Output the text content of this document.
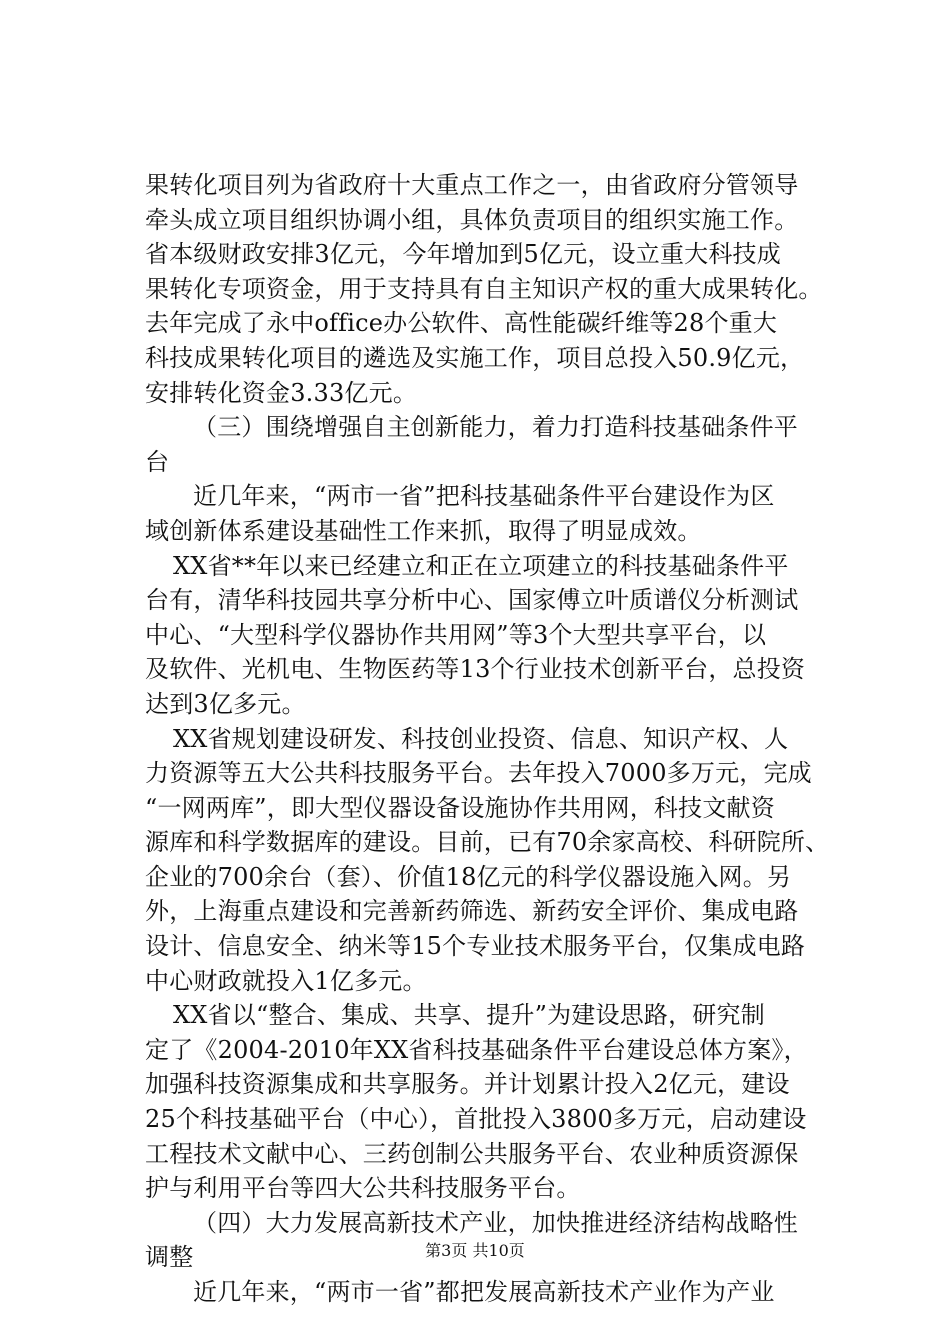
果转化项目列为省政府十大重点工作之一，由省政府分管领导
牵头成立项目组织协调小组，具体负责项目的组织实施工作。
省本级财政安排3亿元，今年增加到5亿元，设立重大科技成
果转化专项资金，用于支持具有自主知识产权的重大成果转化。
去年完成了永中office办公软件、高性能碳纤维等28个重大
科技成果转化项目的遴选及实施工作，项目总投入50.9亿元，
安排转化资金3.33亿元。
（三）围绕增强自主创新能力，着力打造科技基础条件平
台
近几年来，“两市一省”把科技基础条件平台建设作为区
域创新体系建设基础性工作来抓，取得了明显成效。
XX省**年以来已经建立和正在立项建立的科技基础条件平
台有，清华科技园共享分析中心、国家傅立叶质谱仪分析测试
中心、“大型科学仪器协作共用网”等3个大型共享平台，以
及软件、光机电、生物医药等13个行业技术创新平台，总投资
达到3亿多元。
XX省规划建设研发、科技创业投资、信息、知识产权、人
力资源等五大公共科技服务平台。去年投入7000多万元，完成
“一网两库”，即大型仪器设备设施协作共用网，科技文献资
源库和科学数据库的建设。目前，已有70余家高校、科研院所、
企业的700余台（套）、价值18亿元的科学仪器设施入网。另
外，上海重点建设和完善新药筛选、新药安全评价、集成电路
设计、信息安全、纳米等15个专业技术服务平台，仅集成电路
中心财政就投入1亿多元。
XX省以“整合、集成、共享、提升”为建设思路，研究制
定了《2004-2010年XX省科技基础条件平台建设总体方案》，
加强科技资源集成和共享服务。并计划累计投入2亿元，建设
25个科技基础平台（中心），首批投入3800多万元，启动建设
工程技术文献中心、三药创制公共服务平台、农业种质资源保
护与利用平台等四大公共科技服务平台。
（四）大力发展高新技术产业，加快推进经济结构战略性
调整
近几年来，“两市一省”都把发展高新技术产业作为产业
第3页 共10页
